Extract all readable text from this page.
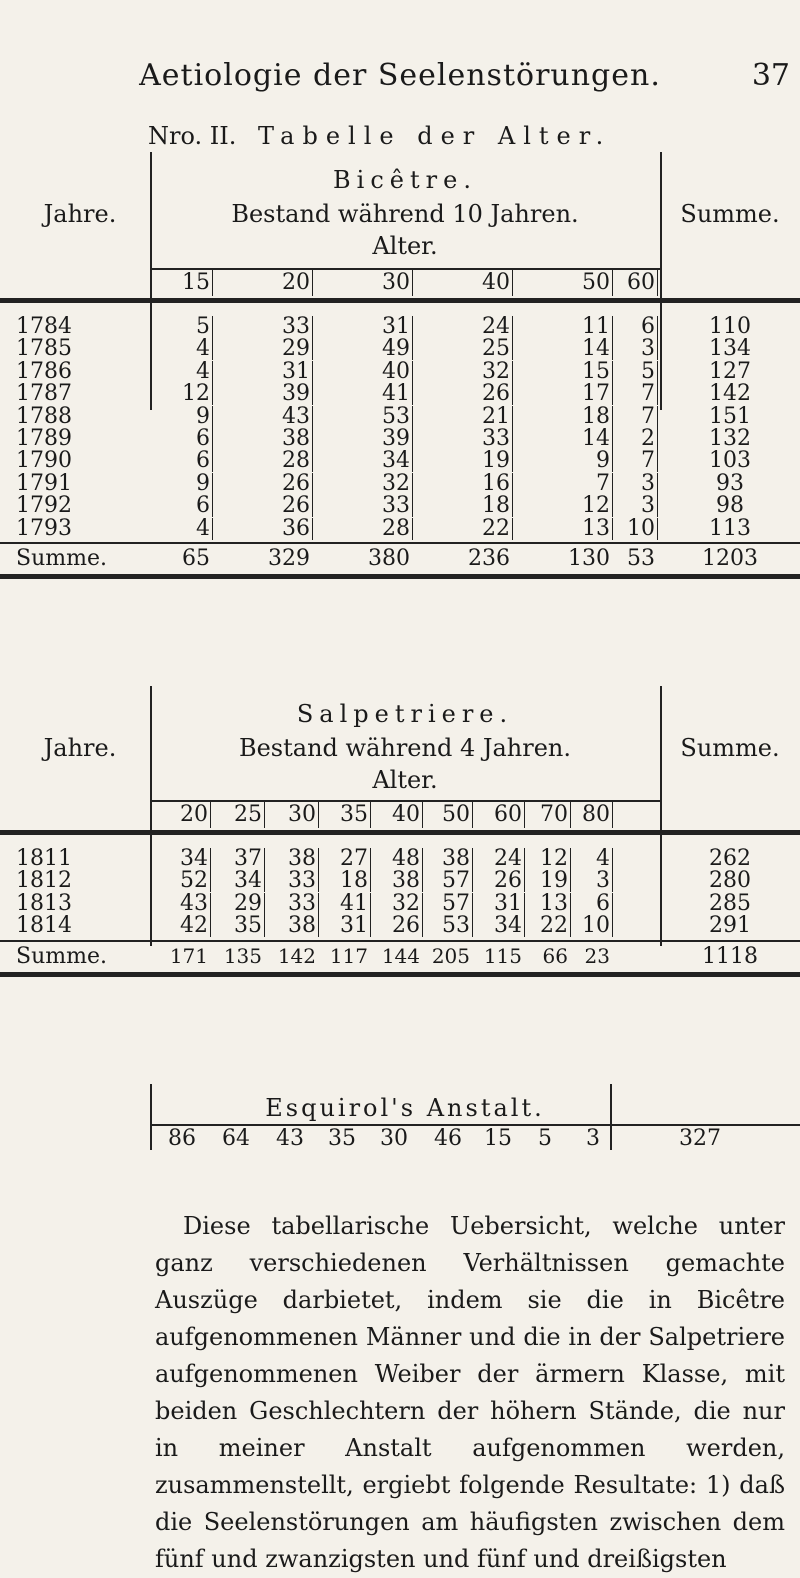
Aetiologie der Seelenstörungen.	37
Nro. II. Tabelle der Alter.
Bicêtre.
Bestand während 10 Jahren.
Alter.
Jahre.	Summe.
15	20	30	40	50 60
1784	5	33	31	24	11	6	110
1785	4	29	49	25	14	3	134
1786	4	31	40	32	15	5	127
1787	12	39	41	26	17	7	142
1788	9	43	53	21	18	7	151
1789	6	38	39	33	14	2	132
1790	6	28	34	19	9	7	103
1791	9	26	32	16	7	3	93
1792	6	26	33	18	12	3	98
1793	4	36	28	22	13 10	113
Summe.	65	329	380	236	130 53	1203
Salpetriere.
Bestand während 4 Jahren.
Alter.
Jahre.	Summe.
20	25	30	35	40	50	60 70 80
1811	34	37	38	27	48	38	24 12	4	262
1812	52	34	33	18	38	57	26 19	3	280
1813	43	29	33	41	32	57	31 13	6	285
1814	42	35	38	31	26	53	34 22 10	291
Summe.	171 135 142 117 144 205 115	66 23	1118
Esquirol's Anstalt.
86	64	43	35	30	46	15	5	3	327

Diese tabellarische Uebersicht, welche unter ganz verschiedenen Verhältnissen gemachte Auszüge darbietet, indem sie die in Bicêtre aufgenommenen Männer und die in der Salpetriere aufgenommenen Weiber der ärmern Klasse, mit beiden Geschlechtern der höhern Stände, die nur in meiner Anstalt aufgenommen werden, zusammenstellt, ergiebt folgende Resultate: 1) daß die Seelenstörungen am häufigsten zwischen dem fünf und zwanzigsten und fünf und dreißigsten
